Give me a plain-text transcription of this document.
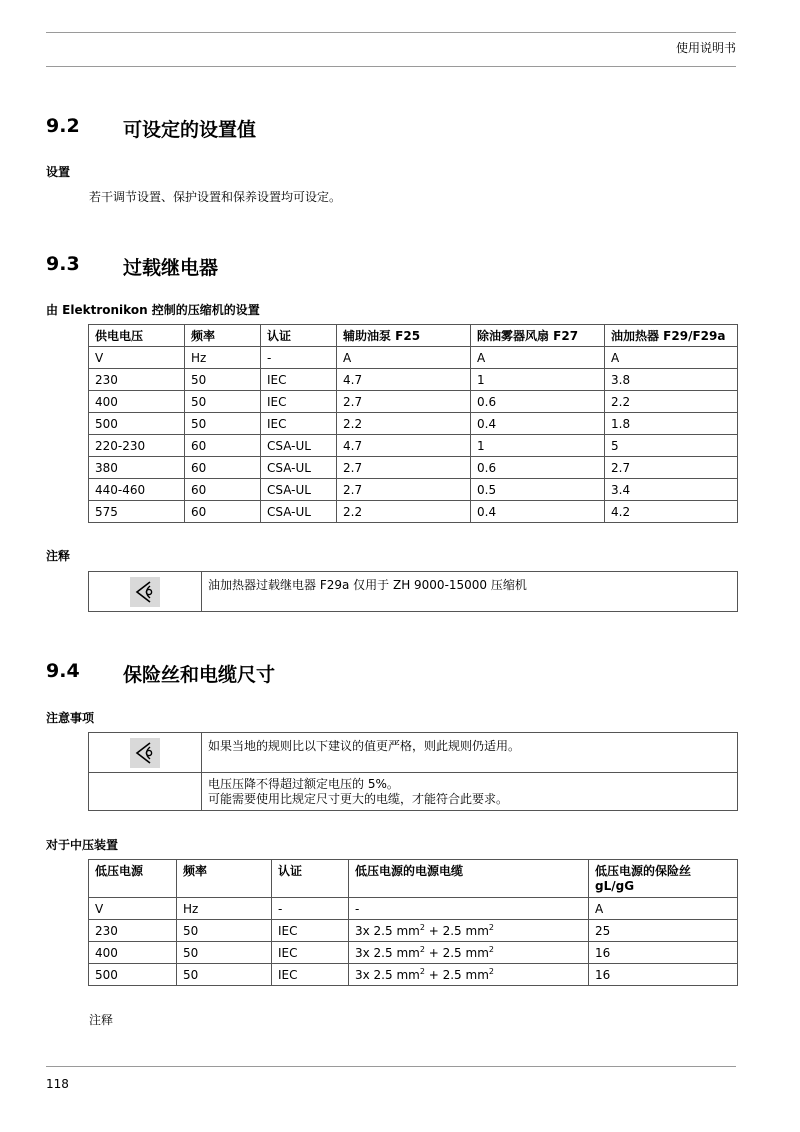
使用说明书
9.2 可设定的设置值
设置
若干调节设置、保护设置和保养设置均可设定。
9.3 过载继电器
由 Elektronikon 控制的压缩机的设置
供电电压	频率	认证	辅助油泵 F25	除油雾器风扇 F27	油加热器 F29/F29a
V	Hz	-	A	A	A
230	50	IEC	4.7	1	3.8
400	50	IEC	2.7	0.6	2.2
500	50	IEC	2.2	0.4	1.8
220-230	60	CSA-UL	4.7	1	5
380	60	CSA-UL	2.7	0.6	2.7
440-460	60	CSA-UL	2.7	0.5	3.4
575	60	CSA-UL	2.2	0.4	4.2
注释
	油加热器过载继电器 F29a 仅用于 ZH 9000-15000 压缩机
9.4 保险丝和电缆尺寸
注意事项
	如果当地的规则比以下建议的值更严格，则此规则仍适用。

	电压压降不得超过额定电压的 5%。
可能需要使用比规定尺寸更大的电缆，才能符合此要求。
对于中压装置
低压电源	频率	认证	低压电源的电源电缆	低压电源的保险丝
gL/gG

V	Hz	-	-	A
230	50	IEC	3x 2.5 $mm^2 + 2.5$ $mm^2$	25
400	50	IEC	3x 2.5 $mm^2 + 2.5$ $mm^2$	16
500	50	IEC	3x 2.5 $mm^2 + 2.5$ $mm^2$	16
注释
118
